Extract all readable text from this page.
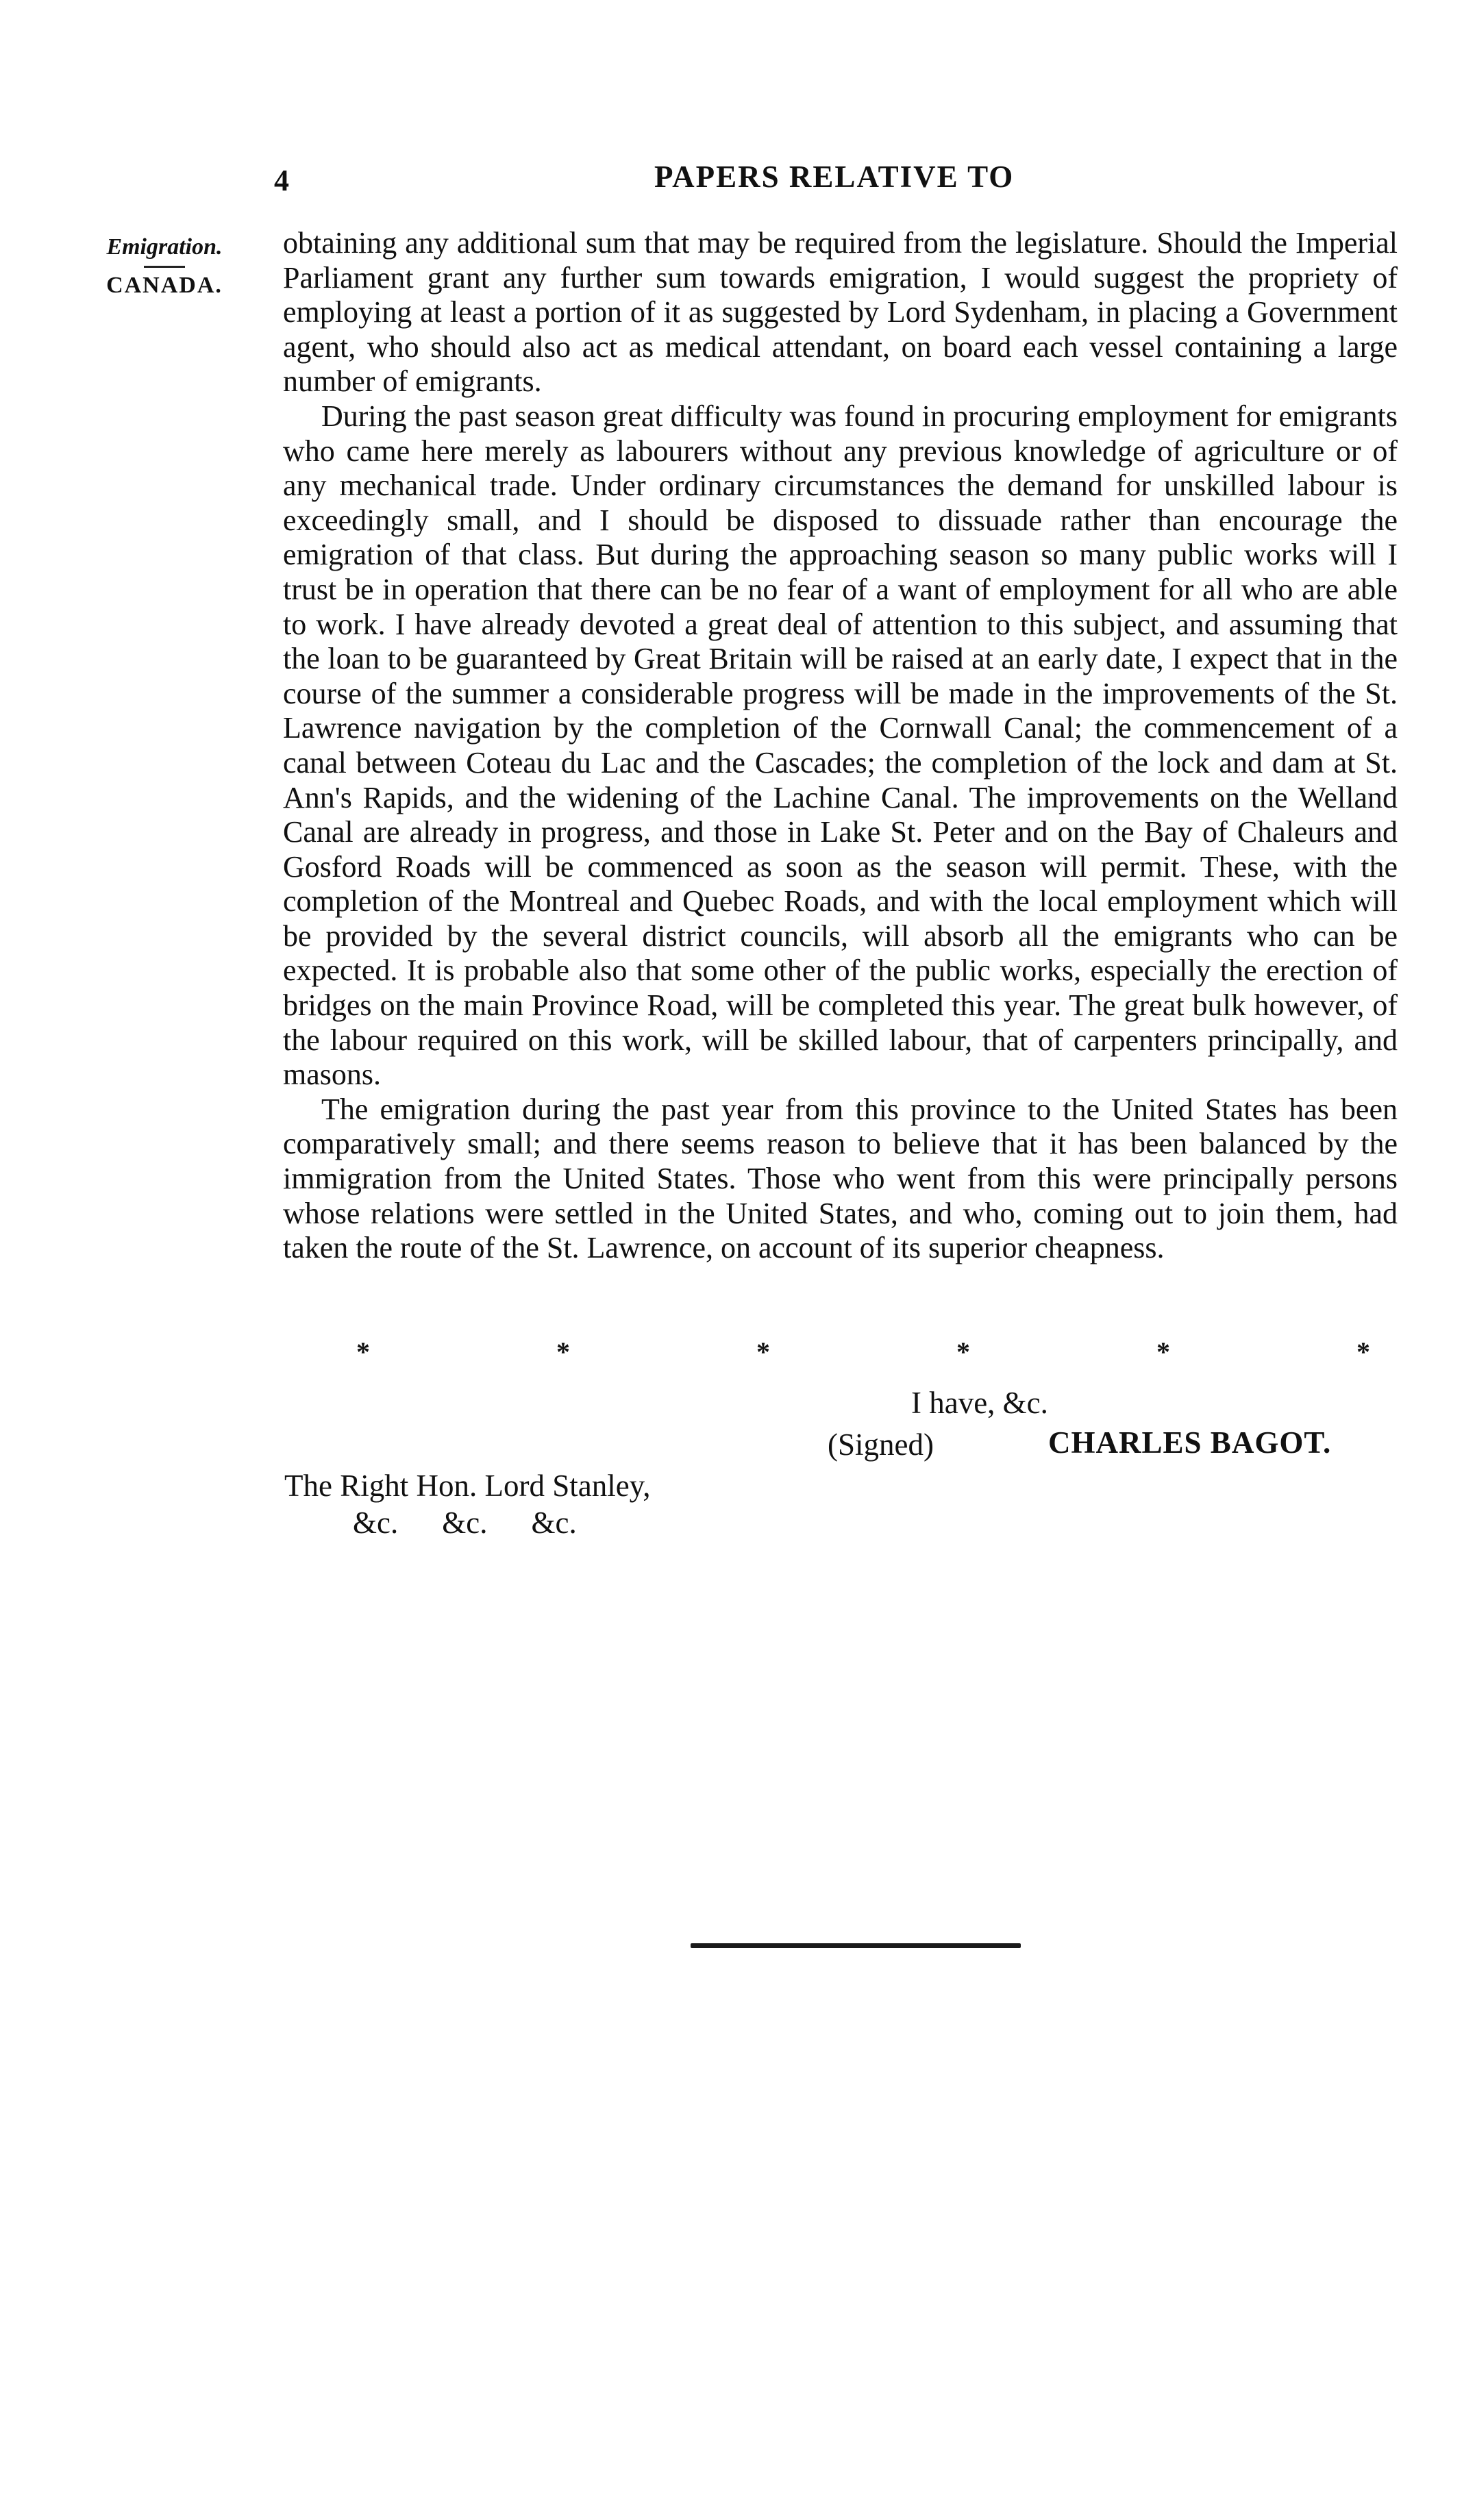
4	PAPERS RELATIVE TO
Emigration.
CANADA.

obtaining any additional sum that may be required from the legislature. Should the Imperial Parliament grant any further sum towards emigration, I would suggest the propriety of employing at least a portion of it as suggested by Lord Sydenham, in placing a Government agent, who should also act as medical attendant, on board each vessel containing a large number of emigrants.

During the past season great difficulty was found in procuring employment for emigrants who came here merely as labourers without any previous knowledge of agriculture or of any mechanical trade. Under ordinary circumstances the demand for unskilled labour is exceedingly small, and I should be disposed to dissuade rather than encourage the emigration of that class. But during the approaching season so many public works will I trust be in operation that there can be no fear of a want of employment for all who are able to work. I have already devoted a great deal of attention to this subject, and assuming that the loan to be guaranteed by Great Britain will be raised at an early date, I expect that in the course of the summer a considerable progress will be made in the improvements of the St. Lawrence navigation by the completion of the Cornwall Canal; the commencement of a canal between Coteau du Lac and the Cascades; the completion of the lock and dam at St. Ann's Rapids, and the widening of the Lachine Canal. The improvements on the Welland Canal are already in progress, and those in Lake St. Peter and on the Bay of Chaleurs and Gosford Roads will be commenced as soon as the season will permit. These, with the completion of the Montreal and Quebec Roads, and with the local employment which will be provided by the several district councils, will absorb all the emigrants who can be expected. It is probable also that some other of the public works, especially the erection of bridges on the main Province Road, will be completed this year. The great bulk however, of the labour required on this work, will be skilled labour, that of carpenters principally, and masons.

The emigration during the past year from this province to the United States has been comparatively small; and there seems reason to believe that it has been balanced by the immigration from the United States. Those who went from this were principally persons whose relations were settled in the United States, and who, coming out to join them, had taken the route of the St. Lawrence, on account of its superior cheapness.

*	*	*	*	*	*
I have, &c.
(Signed)	CHARLES BAGOT.
The Right Hon. Lord Stanley,
&c. &c. &c.
